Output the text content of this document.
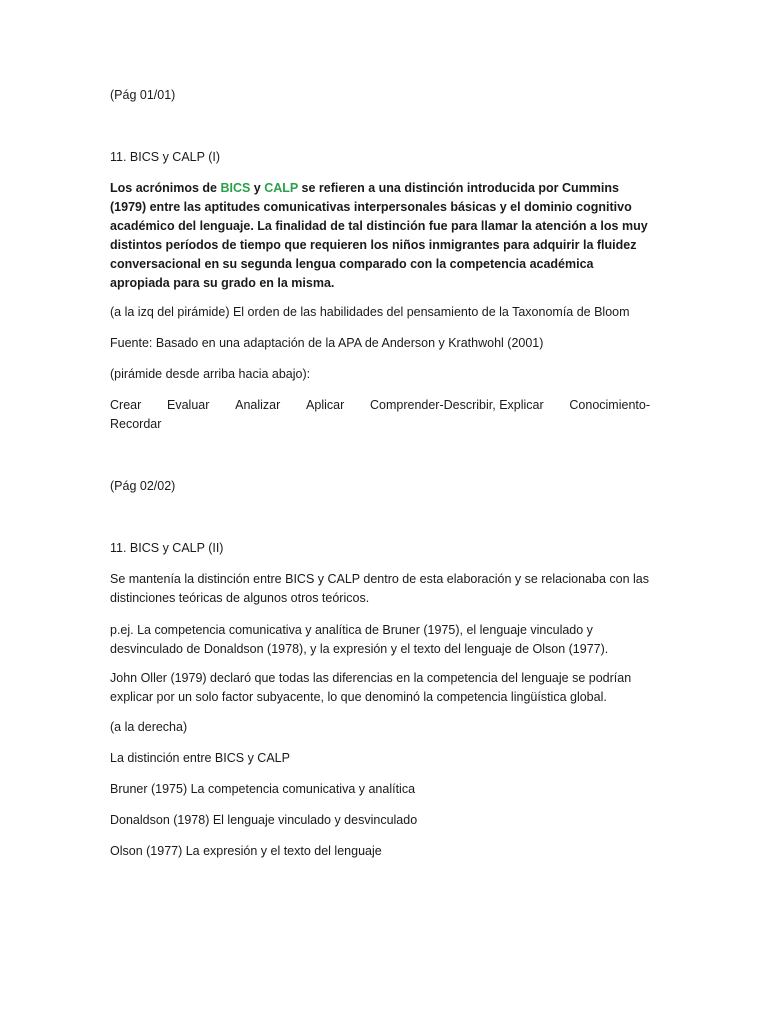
(Pág 01/01)

11. BICS y CALP (I)

Los acrónimos de BICS y CALP se refieren a una distinción introducida por Cummins (1979) entre las aptitudes comunicativas interpersonales básicas y el dominio cognitivo académico del lenguaje. La finalidad de tal distinción fue para llamar la atención a los muy distintos períodos de tiempo que requieren los niños inmigrantes para adquirir la fluidez conversacional en su segunda lengua comparado con la competencia académica apropiada para su grado en la misma.

(a la izq del pirámide) El orden de las habilidades del pensamiento de la Taxonomía de Bloom

Fuente: Basado en una adaptación de la APA de Anderson y Krathwohl (2001)

(pirámide desde arriba hacia abajo):

Crear Evaluar Analizar Aplicar Comprender-Describir, Explicar Conocimiento-
Recordar

(Pág 02/02)

11. BICS y CALP (II)

Se mantenía la distinción entre BICS y CALP dentro de esta elaboración y se relacionaba con las distinciones teóricas de algunos otros teóricos.

p.ej. La competencia comunicativa y analítica de Bruner (1975), el lenguaje vinculado y desvinculado de Donaldson (1978), y la expresión y el texto del lenguaje de Olson (1977).

John Oller (1979) declaró que todas las diferencias en la competencia del lenguaje se podrían explicar por un solo factor subyacente, lo que denominó la competencia lingüística global.

(a la derecha)

La distinción entre BICS y CALP

Bruner (1975) La competencia comunicativa y analítica

Donaldson (1978) El lenguaje vinculado y desvinculado

Olson (1977) La expresión y el texto del lenguaje
